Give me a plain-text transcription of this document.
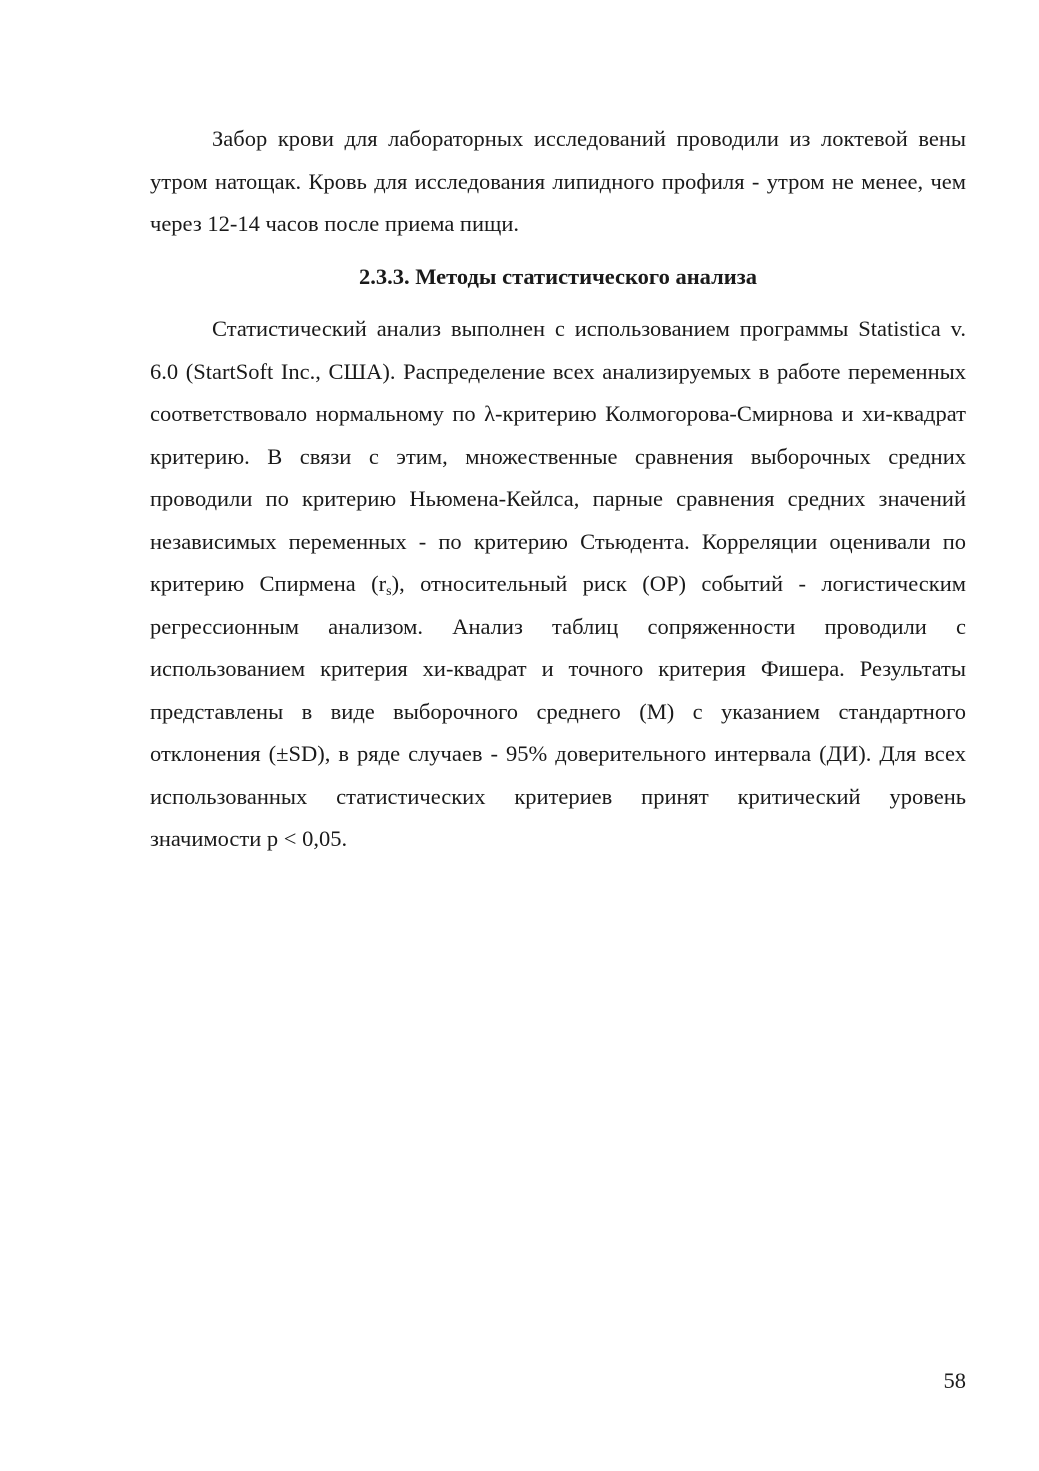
Забор крови для лабораторных исследований проводили из локтевой вены утром натощак. Кровь для исследования липидного профиля - утром не менее, чем через 12-14 часов после приема пищи.

2.3.3. Методы статистического анализа

Статистический анализ выполнен с использованием программы Statistica v. 6.0 (StartSoft Inc., США). Распределение всех анализируемых в работе переменных соответствовало нормальному по λ-критерию Колмогорова-Смирнова и хи-квадрат критерию. В связи с этим, множественные сравнения выборочных средних проводили по критерию Ньюмена-Кейлса, парные сравнения средних значений независимых переменных - по критерию Стьюдента. Корреляции оценивали по критерию Спирмена $(r_s)$, относительный риск (ОР) событий - логистическим регрессионным анализом. Анализ таблиц сопряженности проводили с использованием критерия хи-квадрат и точного критерия Фишера. Результаты представлены в виде выборочного среднего (М) с указанием стандартного отклонения (±SD), в ряде случаев - 95% доверительного интервала (ДИ). Для всех использованных статистических критериев принят критический уровень значимости р < 0,05.

58
